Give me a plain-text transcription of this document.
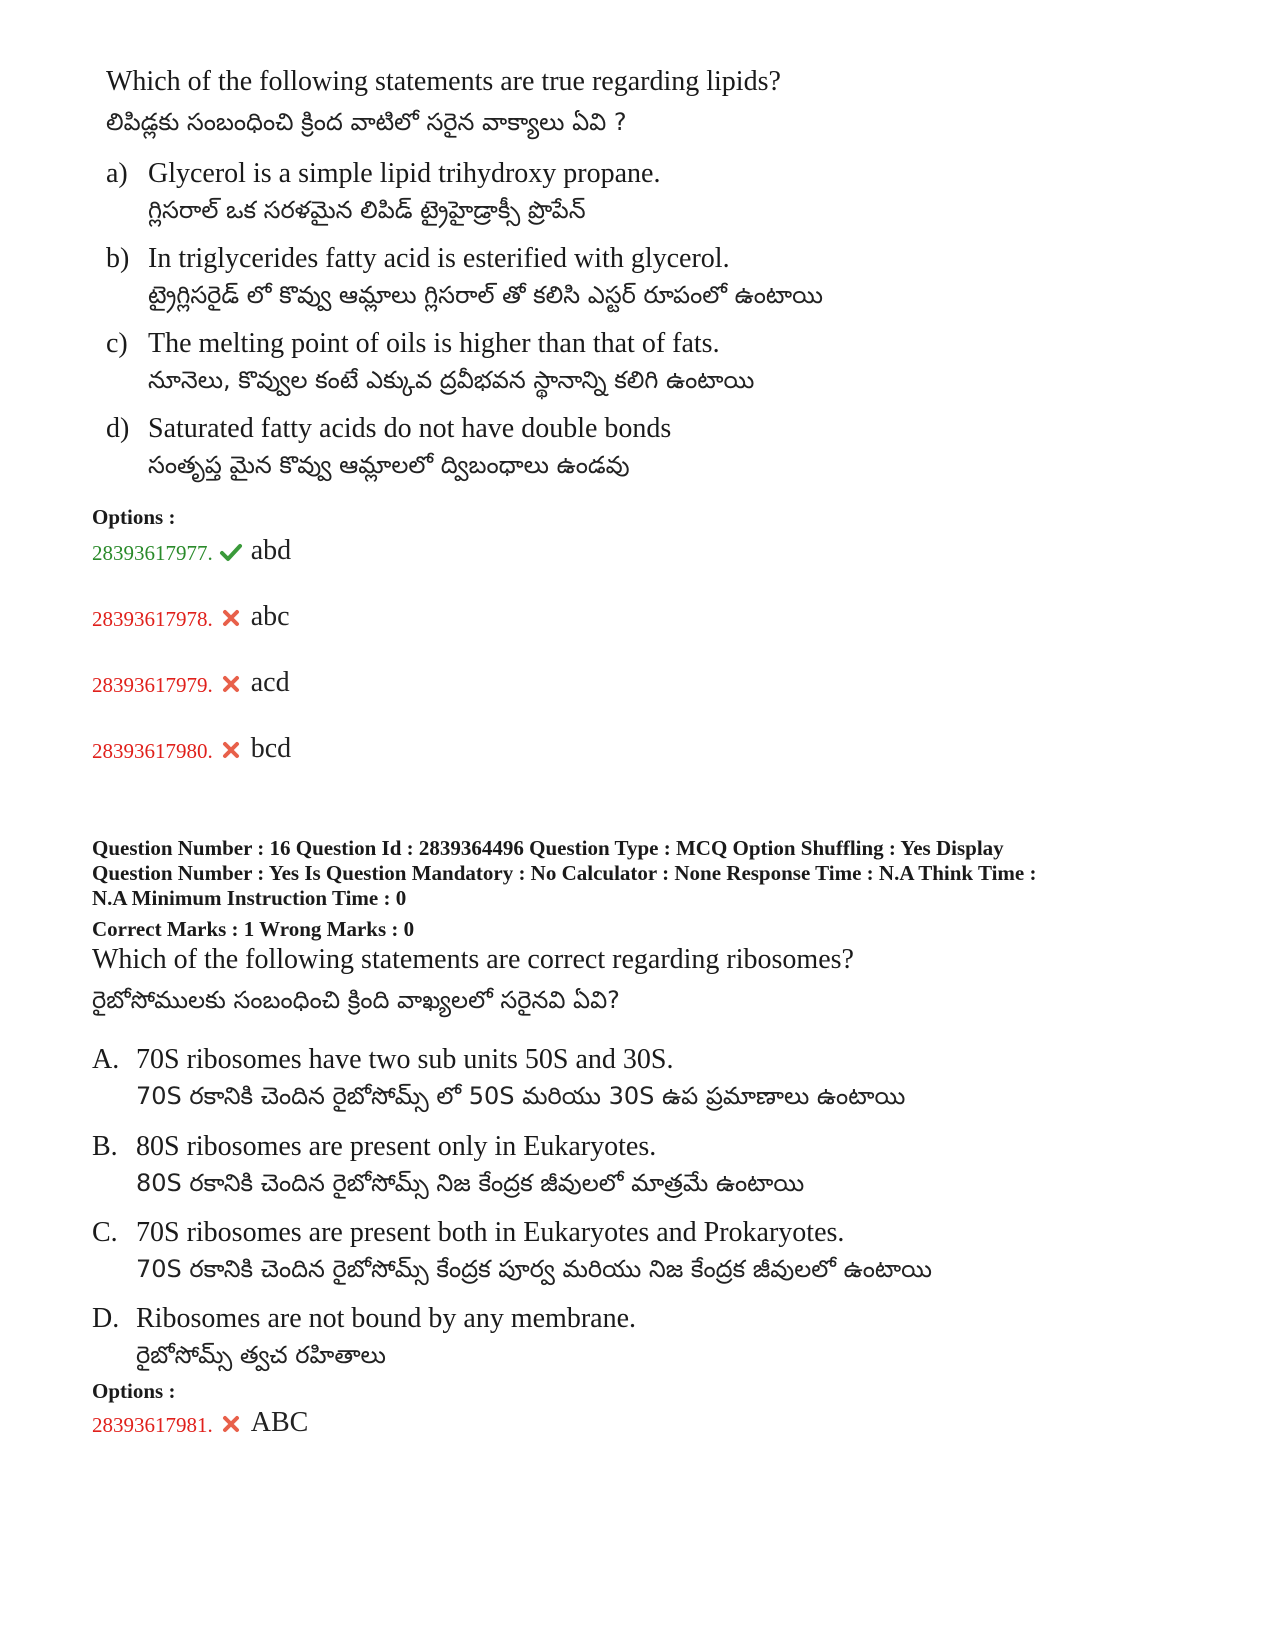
Which of the following statements are true regarding lipids?
లిపిడ్లకు సంబంధించి క్రింద వాటిలో సరైన వాక్యాలు ఏవి ?
a) Glycerol is a simple lipid trihydroxy propane.
గ్లిసరాల్ ఒక సరళమైన లిపిడ్ ట్రైహైడ్రాక్సీ ప్రొపేన్
b) In triglycerides fatty acid is esterified with glycerol.
ట్రైగ్లిసరైడ్ లో కొవ్వు ఆమ్లాలు గ్లిసరాల్ తో కలిసి ఎస్టర్ రూపంలో ఉంటాయి
c) The melting point of oils is higher than that of fats.
నూనెలు, కొవ్వుల కంటే ఎక్కువ ద్రవీభవన స్థానాన్ని కలిగి ఉంటాయి
d) Saturated fatty acids do not have double bonds
సంతృప్త మైన కొవ్వు ఆమ్లాలలో ద్విబంధాలు ఉండవు
Options :
28393617977. abd
28393617978. abc
28393617979. acd
28393617980. bcd
Question Number : 16 Question Id : 2839364496 Question Type : MCQ Option Shuffling : Yes Display
Question Number : Yes Is Question Mandatory : No Calculator : None Response Time : N.A Think Time :
N.A Minimum Instruction Time : 0
Correct Marks : 1 Wrong Marks : 0
Which of the following statements are correct regarding ribosomes?
రైబోసోములకు సంబంధించి క్రింది వాఖ్యలలో సరైనవి ఏవి?
A. 70S ribosomes have two sub units 50S and 30S.
70S రకానికి చెందిన రైబోసోమ్స్ లో 50S మరియు 30S ఉప ప్రమాణాలు ఉంటాయి
B. 80S ribosomes are present only in Eukaryotes.
80S రకానికి చెందిన రైబోసోమ్స్ నిజ కేంద్రక జీవులలో మాత్రమే ఉంటాయి
C. 70S ribosomes are present both in Eukaryotes and Prokaryotes.
70S రకానికి చెందిన రైబోసోమ్స్ కేంద్రక పూర్వ మరియు నిజ కేంద్రక జీవులలో ఉంటాయి
D. Ribosomes are not bound by any membrane.
రైబోసోమ్స్ త్వచ రహితాలు
Options :
28393617981. ABC
